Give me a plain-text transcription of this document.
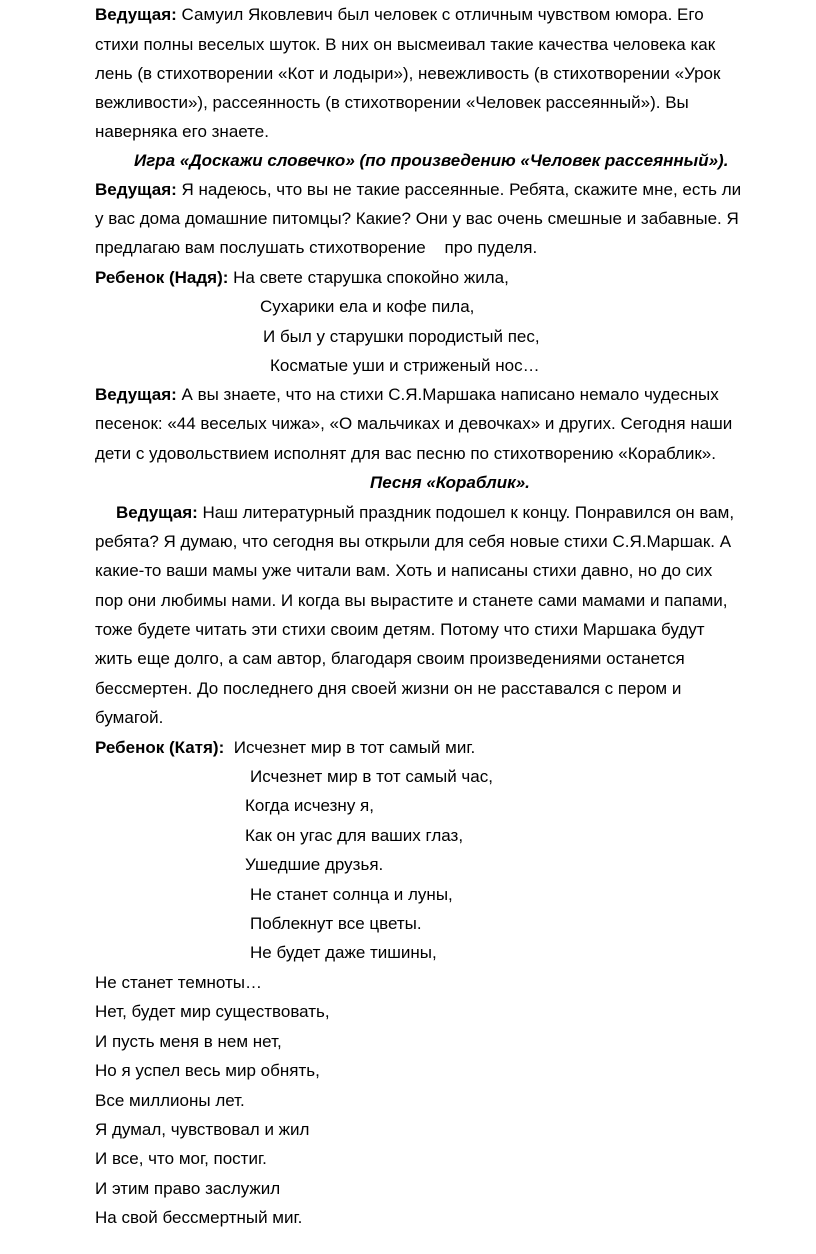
Ведущая: Самуил Яковлевич был человек с отличным чувством юмора. Его
стихи полны веселых шуток. В них он высмеивал такие качества человека как
лень (в стихотворении «Кот и лодыри»), невежливость (в стихотворении «Урок
вежливости»), рассеянность (в стихотворении «Человек рассеянный»). Вы
наверняка его знаете.
Игра «Доскажи словечко» (по произведению «Человек рассеянный»).
Ведущая: Я надеюсь, что вы не такие рассеянные. Ребята, скажите мне, есть ли
у вас дома домашние питомцы? Какие? Они у вас очень смешные и забавные. Я
предлагаю вам послушать стихотворение    про пуделя.
Ребенок (Надя): На свете старушка спокойно жила,
Сухарики ела и кофе пила,
И был у старушки породистый пес,
Косматые уши и стриженый нос…
Ведущая: А вы знаете, что на стихи С.Я.Маршака написано немало чудесных
песенок: «44 веселых чижа», «О мальчиках и девочках» и других. Сегодня наши
дети с удовольствием исполнят для вас песню по стихотворению «Кораблик».
Песня «Кораблик».
Ведущая: Наш литературный праздник подошел к концу. Понравился он вам,
ребята? Я думаю, что сегодня вы открыли для себя новые стихи С.Я.Маршак. А
какие-то ваши мамы уже читали вам. Хоть и написаны стихи давно, но до сих
пор они любимы нами. И когда вы вырастите и станете сами мамами и папами,
тоже будете читать эти стихи своим детям. Потому что стихи Маршака будут
жить еще долго, а сам автор, благодаря своим произведениями останется
бессмертен. До последнего дня своей жизни он не расставался с пером и
бумагой.
Ребенок (Катя): Исчезнет мир в тот самый миг.
Исчезнет мир в тот самый час,
Когда исчезну я,
Как он угас для ваших глаз,
Ушедшие друзья.
Не станет солнца и луны,
Поблекнут все цветы.
Не будет даже тишины,
Не станет темноты…
Нет, будет мир существовать,
И пусть меня в нем нет,
Но я успел весь мир обнять,
Все миллионы лет.
Я думал, чувствовал и жил
И все, что мог, постиг.
И этим право заслужил
На свой бессмертный миг.
